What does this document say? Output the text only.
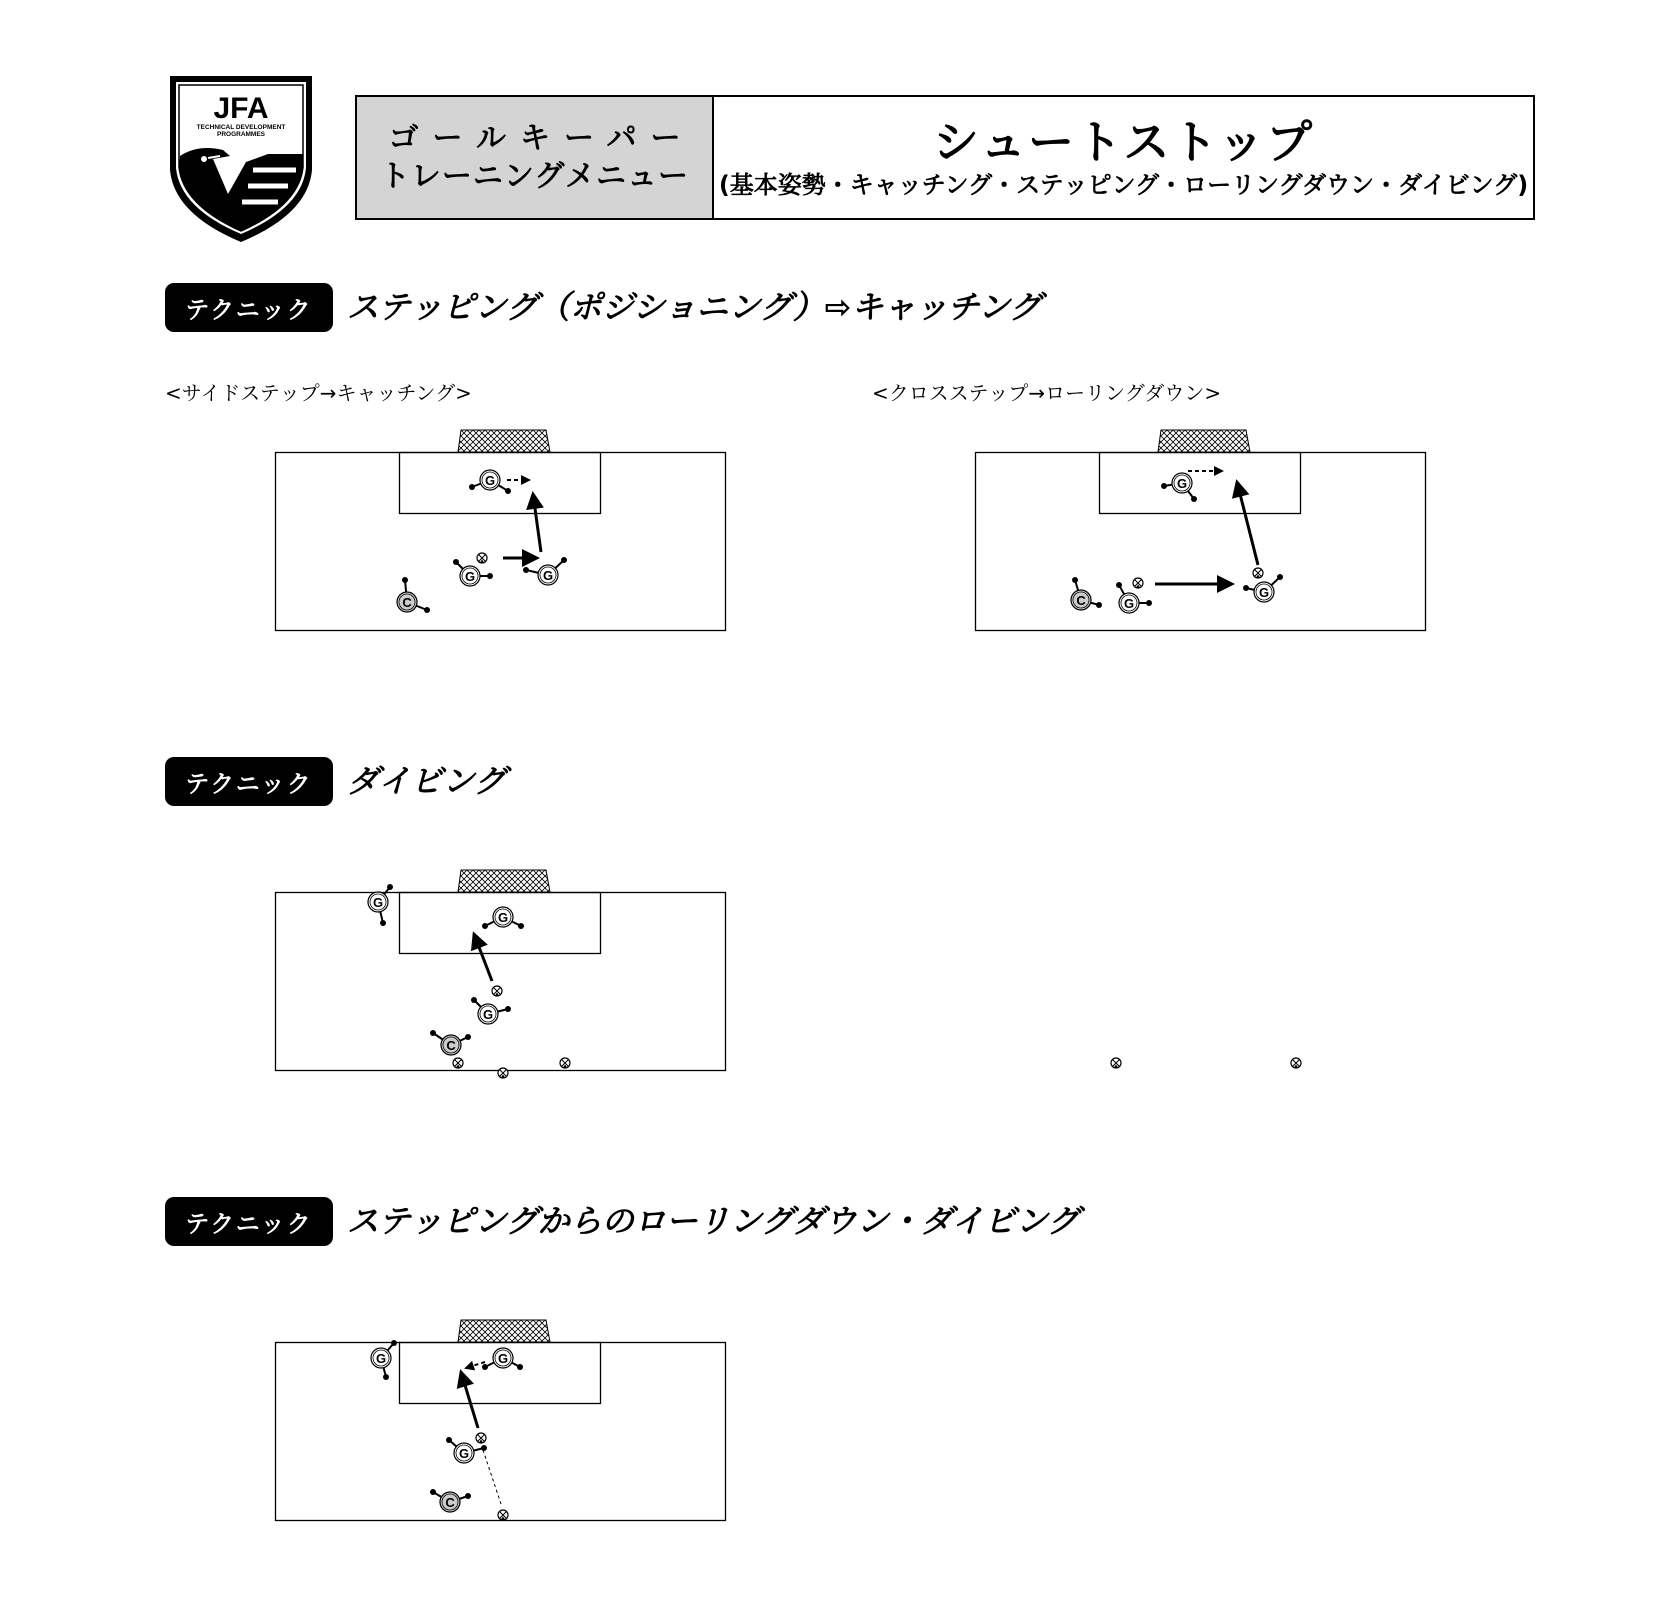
JFA
TECHNICAL DEVELOPMENT
PROGRAMMES	ゴールキーパー
トレーニングメニュー
シュートストップ
(基本姿勢・キャッチング・ステッピング・ローリングダウン・ダイビング)
テクニック	ステッピング（ポジショニング）⇨キャッチング
<サイドステップ→キャッチング>	<クロスステップ→ローリングダウン>
テクニック	ダイビング
テクニック	ステッピングからのローリングダウン・ダイビング
G
G	G
C
G
G
G
C
G
G
G
C
G
G
G
C
